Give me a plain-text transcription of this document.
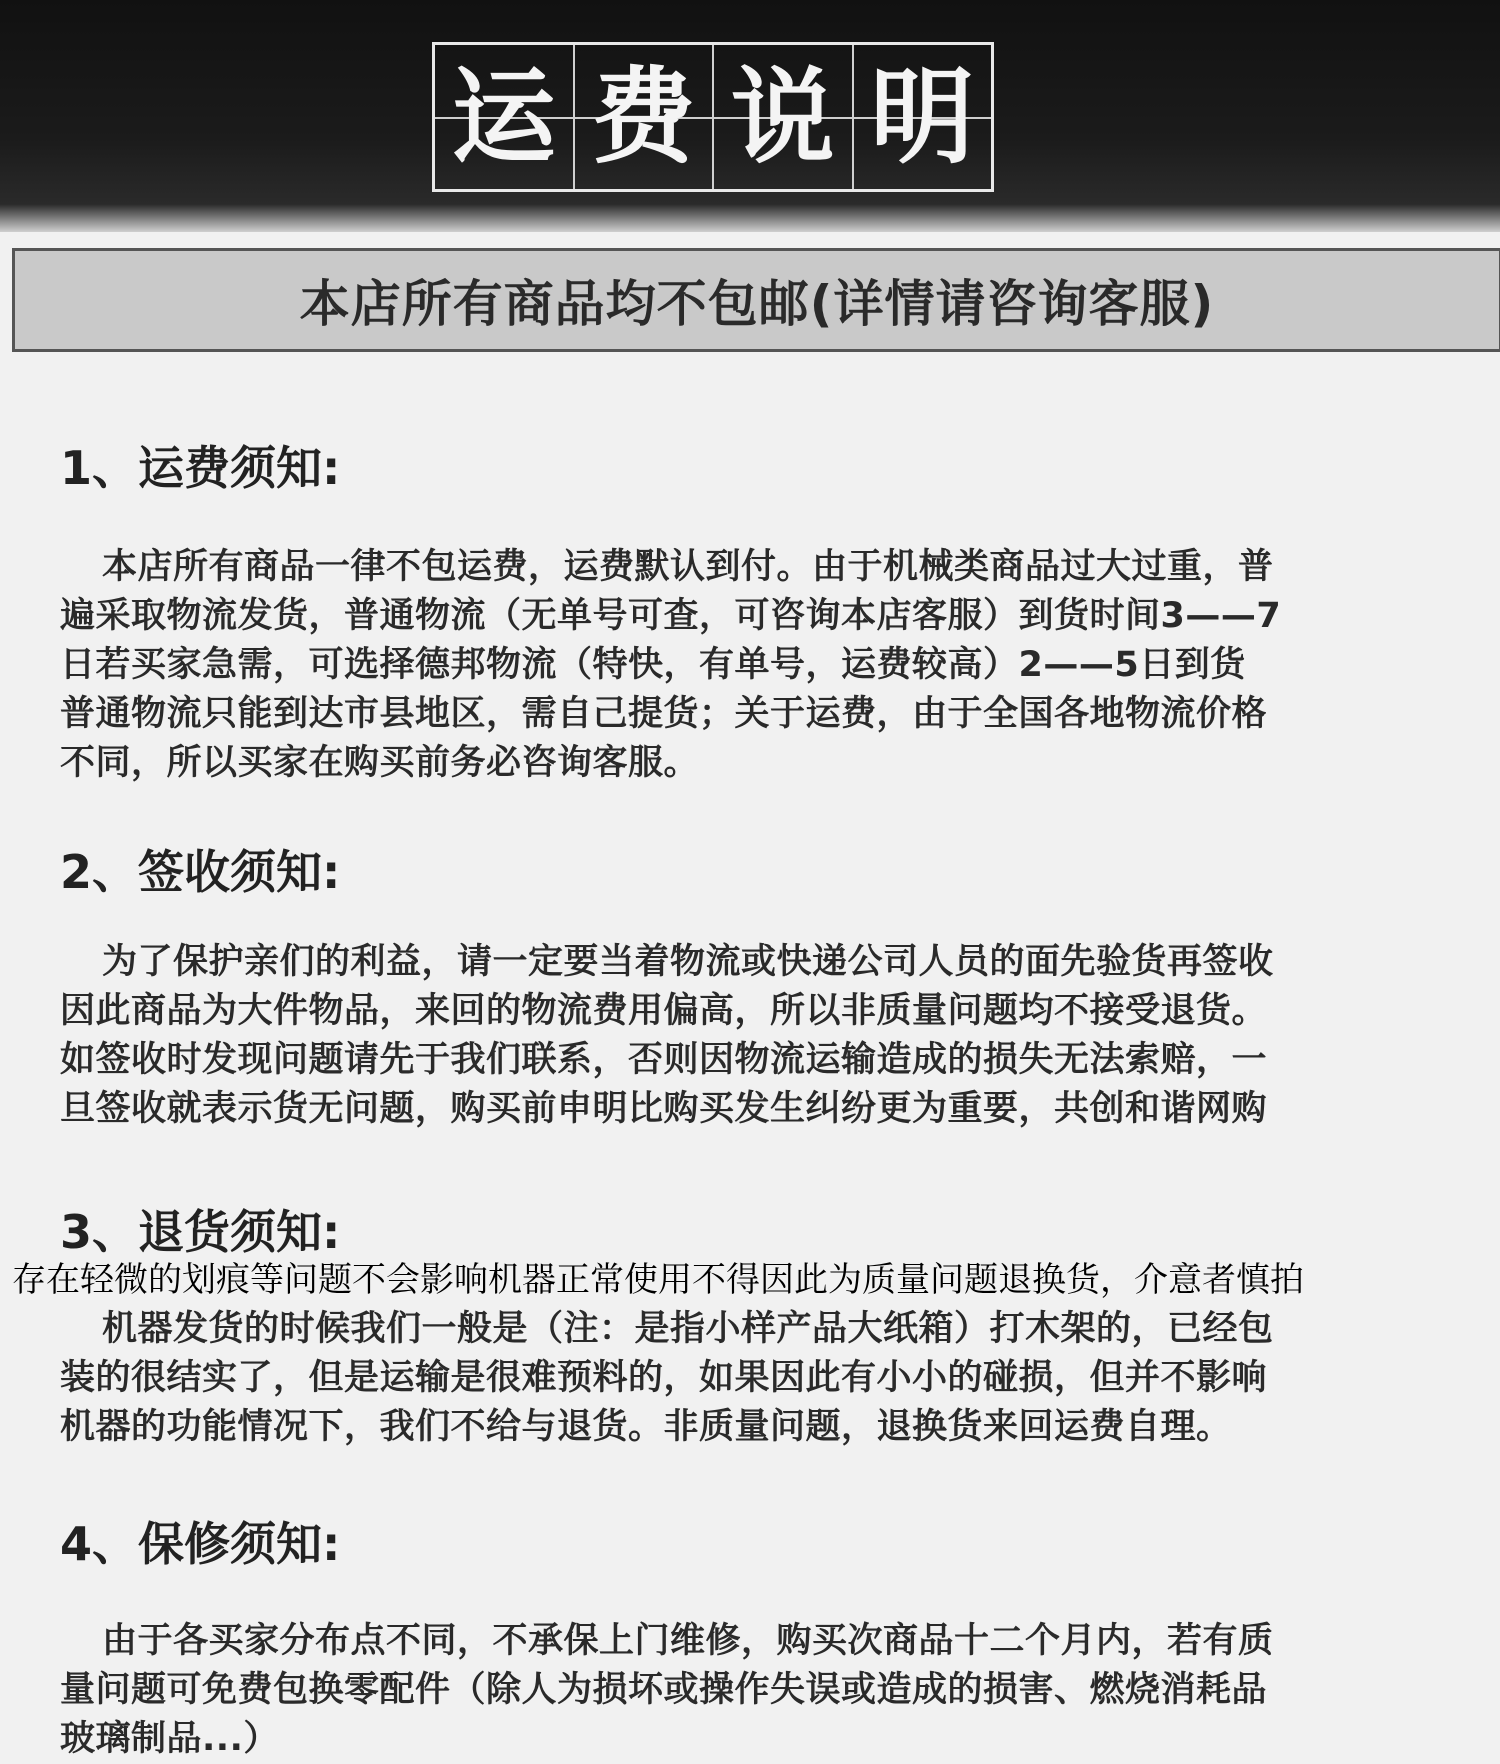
运 费 说 明
本店所有商品均不包邮(详情请咨询客服)
1、运费须知:

本店所有商品一律不包运费，运费默认到付。由于机械类商品过大过重，普

遍采取物流发货，普通物流（无单号可查，可咨询本店客服）到货时间3——7

日若买家急需，可选择德邦物流（特快，有单号，运费较高）2——5日到货

普通物流只能到达市县地区，需自己提货；关于运费，由于全国各地物流价格

不同，所以买家在购买前务必咨询客服。

2、签收须知:

为了保护亲们的利益，请一定要当着物流或快递公司人员的面先验货再签收

因此商品为大件物品，来回的物流费用偏高，所以非质量问题均不接受退货。

如签收时发现问题请先于我们联系，否则因物流运输造成的损失无法索赔，一

旦签收就表示货无问题，购买前申明比购买发生纠纷更为重要，共创和谐网购

3、退货须知:
存在轻微的划痕等问题不会影响机器正常使用不得因此为质量问题退换货，介意者慎拍

机器发货的时候我们一般是（注：是指小样产品大纸箱）打木架的，已经包

装的很结实了，但是运输是很难预料的，如果因此有小小的碰损，但并不影响

机器的功能情况下，我们不给与退货。非质量问题，退换货来回运费自理。

4、保修须知:

由于各买家分布点不同，不承保上门维修，购买次商品十二个月内，若有质

量问题可免费包换零配件（除人为损坏或操作失误或造成的损害、燃烧消耗品

玻璃制品...）
